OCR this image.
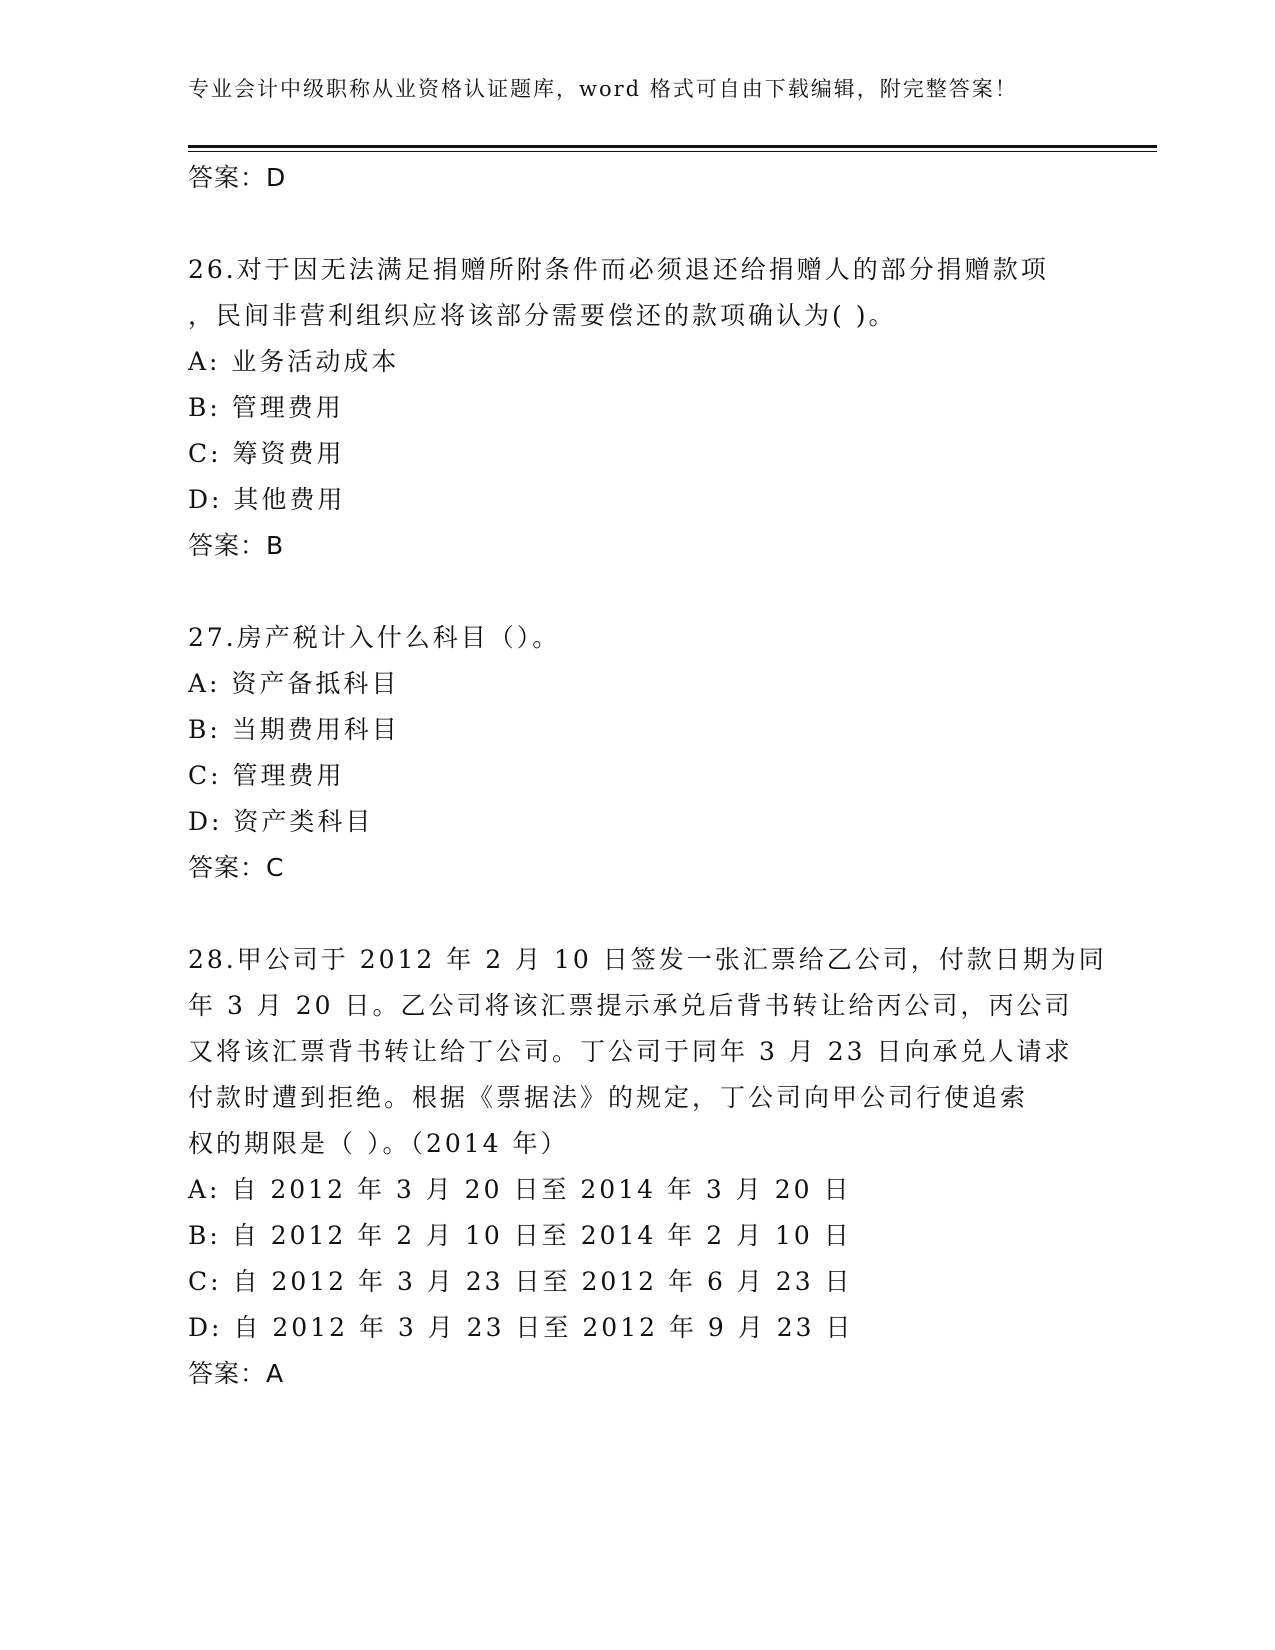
专业会计中级职称从业资格认证题库，word 格式可自由下载编辑，附完整答案！
答案：D
26.对于因无法满足捐赠所附条件而必须退还给捐赠人的部分捐赠款项
，民间非营利组织应将该部分需要偿还的款项确认为( )。
A: 业务活动成本
B: 管理费用
C: 筹资费用
D: 其他费用
答案：B
27.房产税计入什么科目（）。
A: 资产备抵科目
B: 当期费用科目
C: 管理费用
D: 资产类科目
答案：C
28.甲公司于 2012 年 2 月 10 日签发一张汇票给乙公司，付款日期为同
年 3 月 20 日。乙公司将该汇票提示承兑后背书转让给丙公司，丙公司
又将该汇票背书转让给丁公司。丁公司于同年 3 月 23 日向承兑人请求
付款时遭到拒绝。根据《票据法》的规定，丁公司向甲公司行使追索
权的期限是（ ）。（2014 年）
A: 自 2012 年 3 月 20 日至 2014 年 3 月 20 日
B: 自 2012 年 2 月 10 日至 2014 年 2 月 10 日
C: 自 2012 年 3 月 23 日至 2012 年 6 月 23 日
D: 自 2012 年 3 月 23 日至 2012 年 9 月 23 日
答案：A
